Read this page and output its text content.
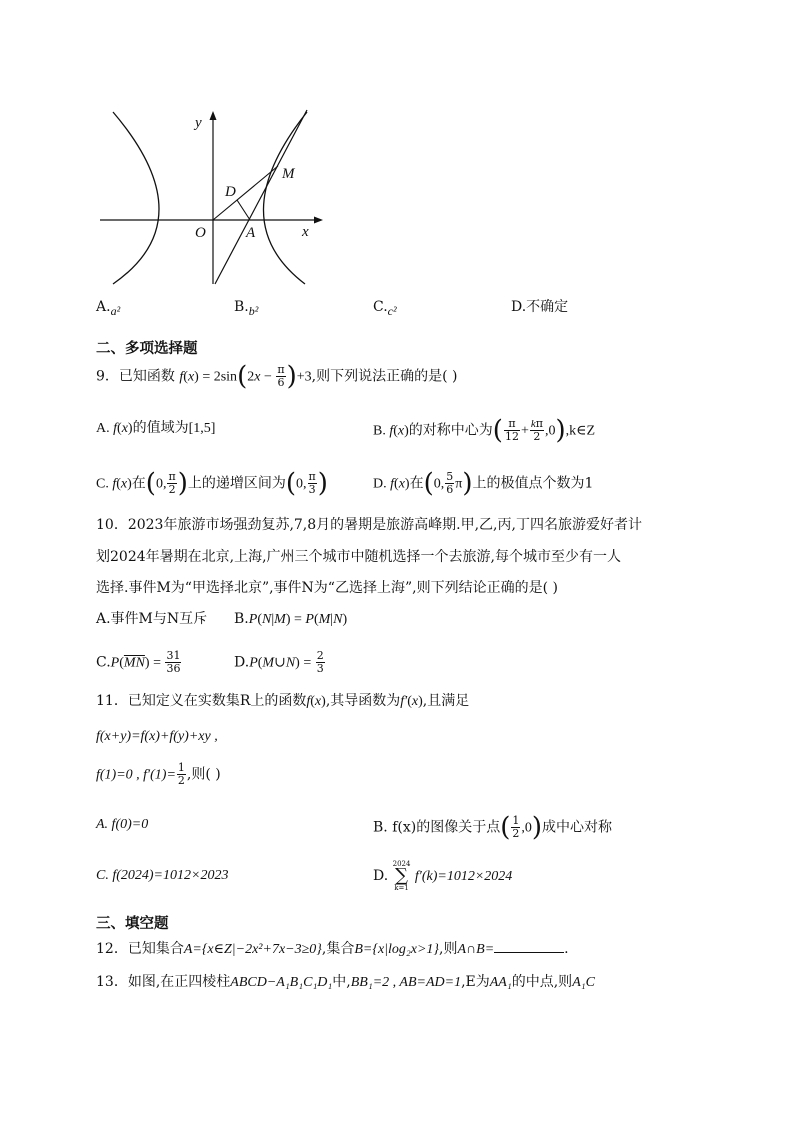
y
x
O	A
D
M
A.a²	B.b²	C.c²	D.不确定
二、多项选择题
9．已知函数 $f(x) = 2\sin(2x - \frac{\pi}{6} )+3$,则下列说法正确的是( )
A. f(x)的值域为[1,5]	B. f(x)的对称中心为( $\frac{\pi}{12} + \frac{k\pi}{2}$ ,0),k∈Z
C. f(x)在(0, $\frac{\pi}{2}$ )上的递增区间为(0, $\frac{\pi}{3}$ )	D. f(x)在(0, $\frac{5}{6} \pi$)上的极值点个数为1
10．2023年旅游市场强劲复苏,7,8月的暑期是旅游高峰期.甲,乙,丙,丁四名旅游爱好者计
划2024年暑期在北京,上海,广州三个城市中随机选择一个去旅游,每个城市至少有一人
选择.事件M为“甲选择北京”,事件N为“乙选择上海”,则下列结论正确的是( )
A.事件M与N互斥 B.P(N|M) = P(M|N)
$C.P(\overline{MN}) = \frac{31}{36}$	D.P(M∪N) = $\frac{2}{3}$
11．已知定义在实数集R上的函数f(x),其导函数为f′(x),且满足
f(x+y)=f(x)+f(y)+xy ,
f(1)=0 , $f'(1)= \frac{1}{2}$ ,则( )
A. f(0)=0	B. f(x)的图像关于点( $\frac{1}{2} ,0$)成中心对称
C. f(2024)=1012×2023	D. 2024
∑
k=1 f′(k)=1012×2024
三、填空题
12．已知集合A={x∈Z|−2x²+7x−3≥0},集合B={x|log₂x>1},则A∩B=	.
13．如图,在正四棱柱ABCD−A₁B₁C₁D₁中,BB₁=2 , AB=AD=1,E为AA₁的中点,则A₁C
